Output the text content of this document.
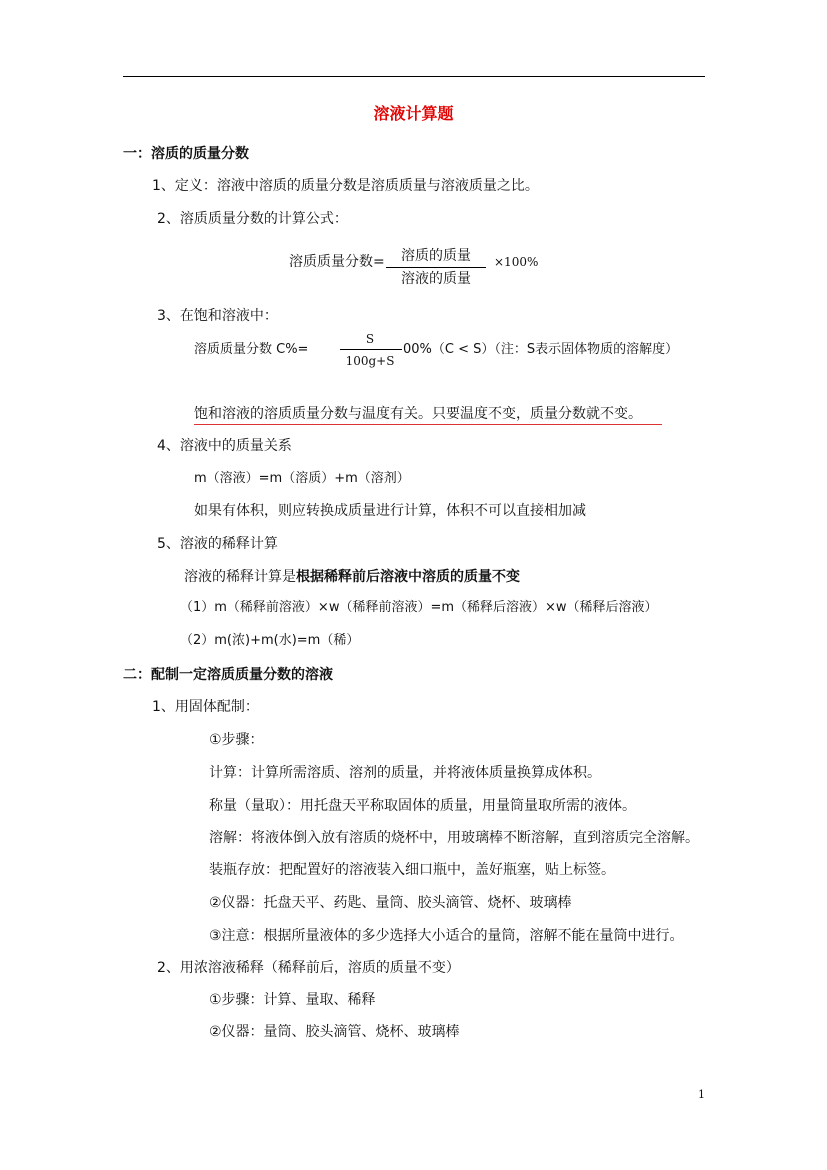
溶液计算题
一：溶质的质量分数
1、定义：溶液中溶质的质量分数是溶质质量与溶液质量之比。
2、溶质质量分数的计算公式：
溶质质量分数=	溶质的质量
溶液的质量
×100%
3、在饱和溶液中：
溶质质量分数 C%=
S
100g+S
00%（C < S）（注：S表示固体物质的溶解度）
饱和溶液的溶质质量分数与温度有关。只要温度不变，质量分数就不变。
4、溶液中的质量关系
m（溶液）=m（溶质）+m（溶剂）
如果有体积，则应转换成质量进行计算，体积不可以直接相加减
5、溶液的稀释计算
溶液的稀释计算是根据稀释前后溶液中溶质的质量不变
（1）m（稀释前溶液）×w（稀释前溶液）=m（稀释后溶液）×w（稀释后溶液）
（2）m(浓)+m(水)=m（稀）
二：配制一定溶质质量分数的溶液
1、用固体配制：
①步骤：
计算：计算所需溶质、溶剂的质量，并将液体质量换算成体积。
称量（量取）：用托盘天平称取固体的质量，用量筒量取所需的液体。
溶解：将液体倒入放有溶质的烧杯中，用玻璃棒不断溶解，直到溶质完全溶解。
装瓶存放：把配置好的溶液装入细口瓶中，盖好瓶塞，贴上标签。
②仪器：托盘天平、药匙、量筒、胶头滴管、烧杯、玻璃棒
③注意：根据所量液体的多少选择大小适合的量筒，溶解不能在量筒中进行。
2、用浓溶液稀释（稀释前后，溶质的质量不变）
①步骤：计算、量取、稀释
②仪器：量筒、胶头滴管、烧杯、玻璃棒
1
